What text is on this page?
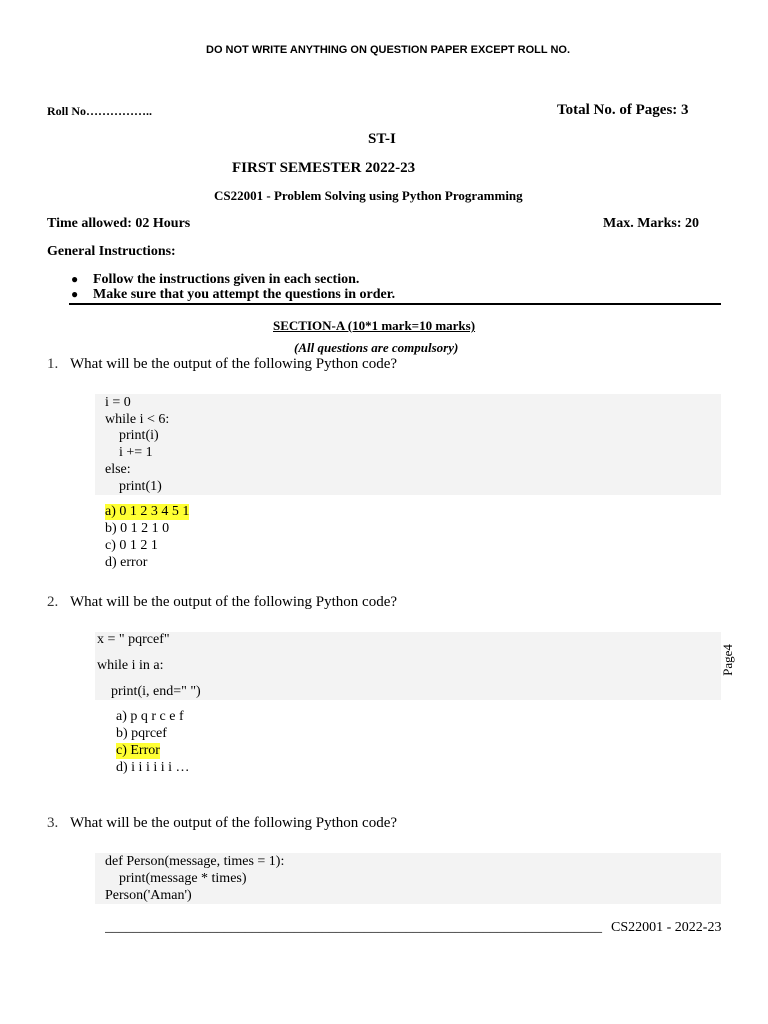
DO NOT WRITE ANYTHING ON QUESTION PAPER EXCEPT ROLL NO.
Roll No……………..	Total No. of Pages: 3
ST-I
FIRST SEMESTER 2022-23
CS22001 - Problem Solving using Python Programming
Time allowed: 02 Hours	Max. Marks: 20
General Instructions:
● Follow the instructions given in each section.
● Make sure that you attempt the questions in order.
SECTION-A (10*1 mark=10 marks)
(All questions are compulsory)
1. What will be the output of the following Python code?
i = 0
while i < 6:
print(i)
i += 1
else:
print(1)
a) 0 1 2 3 4 5 1
b) 0 1 2 1 0
c) 0 1 2 1
d) error
2. What will be the output of the following Python code?
x = " pqrcef"
while i in a:
print(i, end=" ")
a) p q r c e f
b) pqrcef
c) Error
d) i i i i i i …
3. What will be the output of the following Python code?
def Person(message, times = 1):
print(message * times)
Person('Aman')
Page4
_______________________________________________________________________ CS22001 - 2022-23
